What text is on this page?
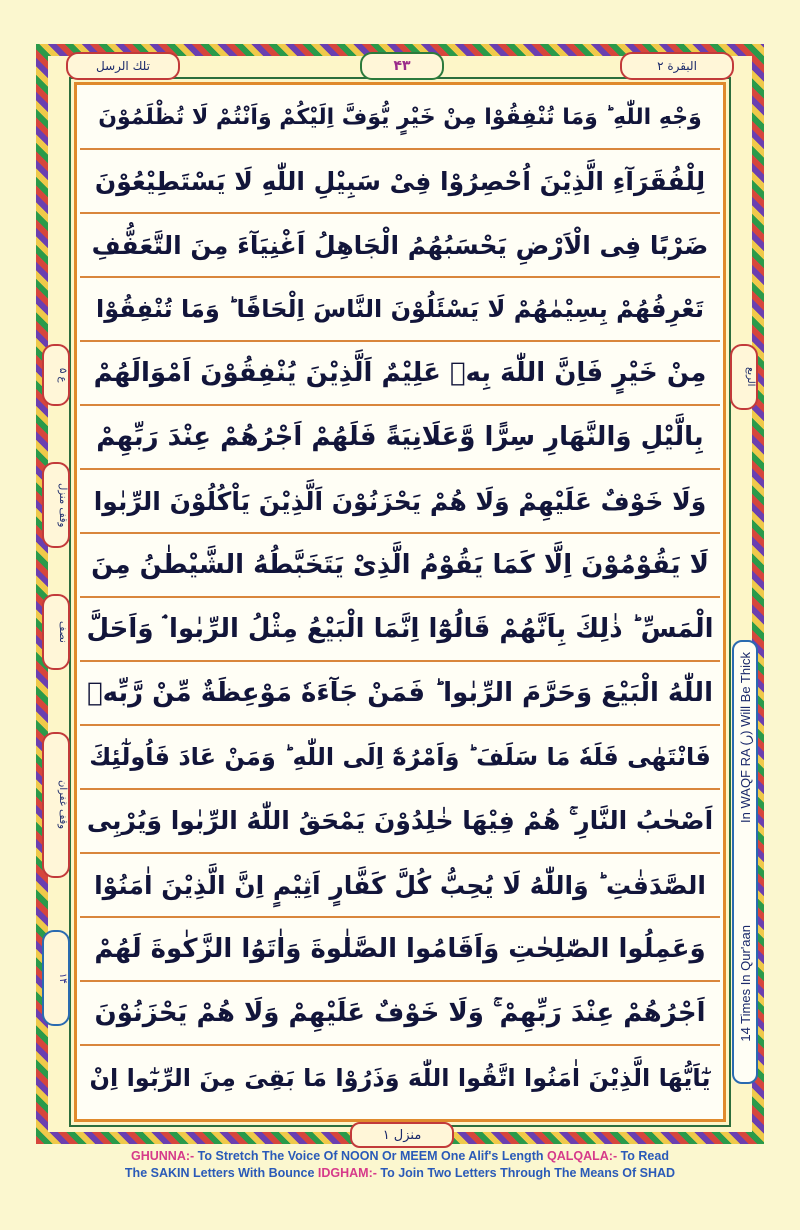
تلك الرسل	۴۳	البقرة ۲
وَجْهِ اللّٰهِ ؕ وَمَا تُنْفِقُوْا مِنْ خَيْرٍ يُّوَفَّ اِلَيْكُمْ وَاَنْتُمْ لَا تُظْلَمُوْنَ
لِلْفُقَرَآءِ الَّذِيْنَ اُحْصِرُوْا فِىْ سَبِيْلِ اللّٰهِ لَا يَسْتَطِيْعُوْنَ
ضَرْبًا فِى الْاَرْضِ يَحْسَبُهُمُ الْجَاهِلُ اَغْنِيَآءَ مِنَ التَّعَفُّفِ
تَعْرِفُهُمْ بِسِيْمٰهُمْ لَا يَسْئَلُوْنَ النَّاسَ اِلْحَافًا ؕ وَمَا تُنْفِقُوْا
مِنْ خَيْرٍ فَاِنَّ اللّٰهَ بِهٖ عَلِيْمٌ اَلَّذِيْنَ يُنْفِقُوْنَ اَمْوَالَهُمْ
بِالَّيْلِ وَالنَّهَارِ سِرًّا وَّعَلَانِيَةً فَلَهُمْ اَجْرُهُمْ عِنْدَ رَبِّهِمْ
وَلَا خَوْفٌ عَلَيْهِمْ وَلَا هُمْ يَحْزَنُوْنَ اَلَّذِيْنَ يَاْكُلُوْنَ الرِّبٰوا
لَا يَقُوْمُوْنَ اِلَّا كَمَا يَقُوْمُ الَّذِىْ يَتَخَبَّطُهُ الشَّيْطٰنُ مِنَ
الْمَسِّ ؕ ذٰلِكَ بِاَنَّهُمْ قَالُوْٓا اِنَّمَا الْبَيْعُ مِثْلُ الرِّبٰوا ۘ وَاَحَلَّ
اللّٰهُ الْبَيْعَ وَحَرَّمَ الرِّبٰوا ؕ فَمَنْ جَآءَهٗ مَوْعِظَةٌ مِّنْ رَّبِّهٖ
فَانْتَهٰى فَلَهٗ مَا سَلَفَ ؕ وَاَمْرُهٗٓ اِلَى اللّٰهِ ؕ وَمَنْ عَادَ فَاُولٰٓئِكَ
اَصْحٰبُ النَّارِ ۚ هُمْ فِيْهَا خٰلِدُوْنَ يَمْحَقُ اللّٰهُ الرِّبٰوا وَيُرْبِى
الصَّدَقٰتِ ؕ وَاللّٰهُ لَا يُحِبُّ كُلَّ كَفَّارٍ اَثِيْمٍ اِنَّ الَّذِيْنَ اٰمَنُوْا
وَعَمِلُوا الصّٰلِحٰتِ وَاَقَامُوا الصَّلٰوةَ وَاٰتَوُا الزَّكٰوةَ لَهُمْ
اَجْرُهُمْ عِنْدَ رَبِّهِمْ ۚ وَلَا خَوْفٌ عَلَيْهِمْ وَلَا هُمْ يَحْزَنُوْنَ
يٰٓاَيُّهَا الَّذِيْنَ اٰمَنُوا اتَّقُوا اللّٰهَ وَذَرُوْا مَا بَقِىَ مِنَ الرِّبٰٓوا اِنْ
ع ۵
وقف منزل
نصف
وقف غفران
۱۴
الربع
In WAQF RA (ﺭ) Will Be Thick
14 Times In Qur'aan
منزل ۱
GHUNNA:- To Stretch The Voice Of NOON Or MEEM One Alif's Length QALQALA:- To Read
The SAKIN Letters With Bounce IDGHAM:- To Join Two Letters Through The Means Of SHAD
